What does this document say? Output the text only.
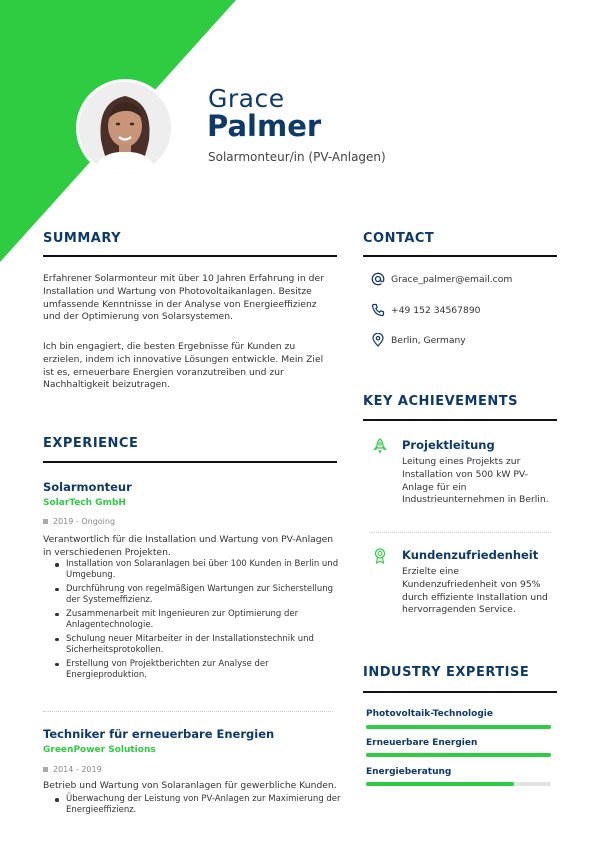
Grace
Palmer
Solarmonteur/in (PV-Anlagen)
SUMMARY

Erfahrener Solarmonteur mit über 10 Jahren Erfahrung in der Installation und Wartung von Photovoltaikanlagen. Besitze umfassende Kenntnisse in der Analyse von Energieeffizienz und der Optimierung von Solarsystemen.

Ich bin engagiert, die besten Ergebnisse für Kunden zu erzielen, indem ich innovative Lösungen entwickle. Mein Ziel ist es, erneuerbare Energien voranzutreiben und zur Nachhaltigkeit beizutragen.

EXPERIENCE
Solarmonteur
SolarTech GmbH
2019 - Ongoing

Verantwortlich für die Installation und Wartung von PV-Anlagen in verschiedenen Projekten.

Installation von Solaranlagen bei über 100 Kunden in Berlin und Umgebung.
Durchführung von regelmäßigen Wartungen zur Sicherstellung der Systemeffizienz.
Zusammenarbeit mit Ingenieuren zur Optimierung der Anlagentechnologie.
Schulung neuer Mitarbeiter in der Installationstechnik und Sicherheitsprotokollen.
Erstellung von Projektberichten zur Analyse der Energieproduktion.
Techniker für erneuerbare Energien
GreenPower Solutions
2014 - 2019

Betrieb und Wartung von Solaranlagen für gewerbliche Kunden.

Überwachung der Leistung von PV-Anlagen zur Maximierung der Energieeffizienz.
CONTACT
Grace_palmer@email.com
+49 152 34567890
Berlin, Germany
KEY ACHIEVEMENTS
Projektleitung

Leitung eines Projekts zur Installation von 500 kW PV-Anlage für ein Industrieunternehmen in Berlin.

Kundenzufriedenheit

Erzielte eine Kundenzufriedenheit von 95% durch effiziente Installation und hervorragenden Service.

INDUSTRY EXPERTISE
Photovoltaik-Technologie
Erneuerbare Energien
Energieberatung
